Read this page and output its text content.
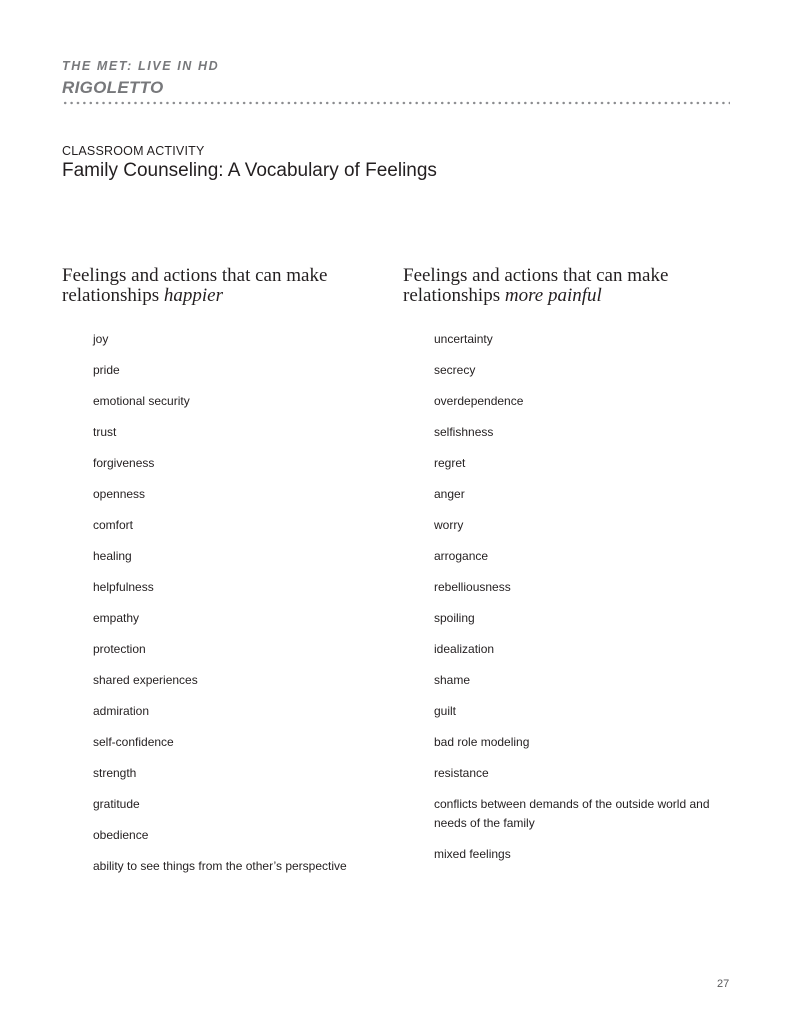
THE MET: LIVE IN HD
RIGOLETTO
CLASSROOM ACTIVITY
Family Counseling: A Vocabulary of Feelings
Feelings and actions that can make relationships happier
Feelings and actions that can make relationships more painful
joy
pride
emotional security
trust
forgiveness
openness
comfort
healing
helpfulness
empathy
protection
shared experiences
admiration
self-confidence
strength
gratitude
obedience
ability to see things from the other’s perspective
uncertainty
secrecy
overdependence
selfishness
regret
anger
worry
arrogance
rebelliousness
spoiling
idealization
shame
guilt
bad role modeling
resistance
conflicts between demands of the outside world and needs of the family
mixed feelings
27
